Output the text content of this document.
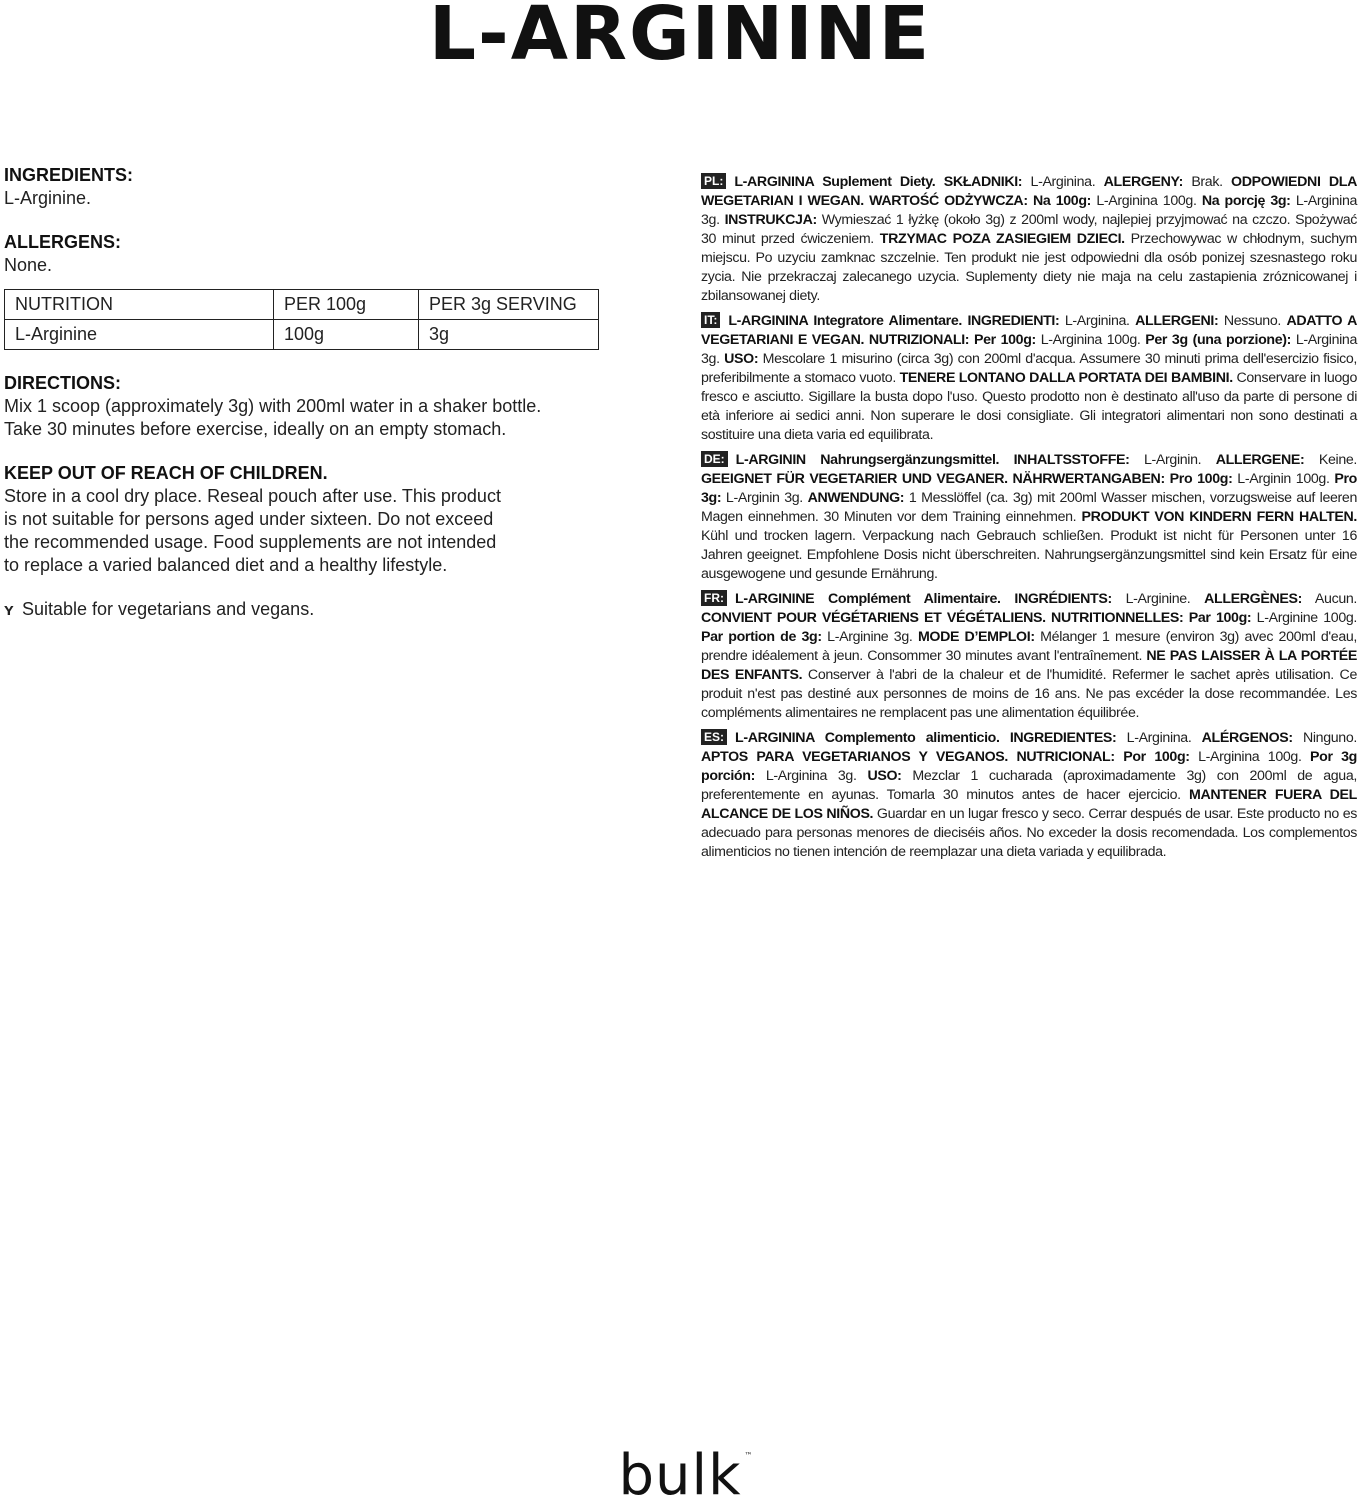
L-ARGININE

INGREDIENTS:

L-Arginine.

ALLERGENS:

None.

NUTRITION	PER 100g	PER 3g SERVING
L-Arginine	100g	3g

DIRECTIONS:

Mix 1 scoop (approximately 3g) with 200ml water in a shaker bottle.

Take 30 minutes before exercise, ideally on an empty stomach.

KEEP OUT OF REACH OF CHILDREN.

Store in a cool dry place. Reseal pouch after use. This product

is not suitable for persons aged under sixteen. Do not exceed

the recommended usage. Food supplements are not intended

to replace a varied balanced diet and a healthy lifestyle.

ʏ Suitable for vegetarians and vegans.

PL: L-ARGININA Suplement Diety. SKŁADNIKI: L-Arginina. ALERGENY: Brak. ODPOWIEDNI DLA WEGETARIAN I WEGAN. WARTOŚĆ ODŻYWCZA: Na 100g: L-Arginina 100g. Na porcję 3g: L-Arginina 3g. INSTRUKCJA: Wymieszać 1 łyżkę (około 3g) z 200ml wody, najlepiej przyjmować na czczo. Spożywać 30 minut przed ćwiczeniem. TRZYMAC POZA ZASIEGIEM DZIECI. Przechowywac w chłodnym, suchym miejscu. Po uzyciu zamknac szczelnie. Ten produkt nie jest odpowiedni dla osób ponizej szesnastego roku zycia. Nie przekraczaj zalecanego uzycia. Suplementy diety nie maja na celu zastapienia zróznicowanej i zbilansowanej diety.

IT: L-ARGININA Integratore Alimentare. INGREDIENTI: L-Arginina. ALLERGENI: Nessuno. ADATTO A VEGETARIANI E VEGAN. NUTRIZIONALI: Per 100g: L-Arginina 100g. Per 3g (una porzione): L-Arginina 3g. USO: Mescolare 1 misurino (circa 3g) con 200ml d'acqua. Assumere 30 minuti prima dell'esercizio fisico, preferibilmente a stomaco vuoto. TENERE LONTANO DALLA PORTATA DEI BAMBINI. Conservare in luogo fresco e asciutto. Sigillare la busta dopo l'uso. Questo prodotto non è destinato all'uso da parte di persone di età inferiore ai sedici anni. Non superare le dosi consigliate. Gli integratori alimentari non sono destinati a sostituire una dieta varia ed equilibrata.

DE: L-ARGININ Nahrungsergänzungsmittel. INHALTSSTOFFE: L-Arginin. ALLERGENE: Keine. GEEIGNET FÜR VEGETARIER UND VEGANER. NÄHRWERTANGABEN: Pro 100g: L-Arginin 100g. Pro 3g: L-Arginin 3g. ANWENDUNG: 1 Messlöffel (ca. 3g) mit 200ml Wasser mischen, vorzugsweise auf leeren Magen einnehmen. 30 Minuten vor dem Training einnehmen. PRODUKT VON KINDERN FERN HALTEN. Kühl und trocken lagern. Verpackung nach Gebrauch schließen. Produkt ist nicht für Personen unter 16 Jahren geeignet. Empfohlene Dosis nicht überschreiten. Nahrungsergänzungsmittel sind kein Ersatz für eine ausgewogene und gesunde Ernährung.

FR: L-ARGININE Complément Alimentaire. INGRÉDIENTS: L-Arginine. ALLERGÈNES: Aucun. CONVIENT POUR VÉGÉTARIENS ET VÉGÉTALIENS. NUTRITIONNELLES: Par 100g: L-Arginine 100g. Par portion de 3g: L-Arginine 3g. MODE D’EMPLOI: Mélanger 1 mesure (environ 3g) avec 200ml d'eau, prendre idéalement à jeun. Consommer 30 minutes avant l'entraînement. NE PAS LAISSER À LA PORTÉE DES ENFANTS. Conserver à l'abri de la chaleur et de l'humidité. Refermer le sachet après utilisation. Ce produit n'est pas destiné aux personnes de moins de 16 ans. Ne pas excéder la dose recommandée. Les compléments alimentaires ne remplacent pas une alimentation équilibrée.

ES: L-ARGININA Complemento alimenticio. INGREDIENTES: L-Arginina. ALÉRGENOS: Ninguno. APTOS PARA VEGETARIANOS Y VEGANOS. NUTRICIONAL: Por 100g: L-Arginina 100g. Por 3g porción: L-Arginina 3g. USO: Mezclar 1 cucharada (aproximadamente 3g) con 200ml de agua, preferentemente en ayunas. Tomarla 30 minutos antes de hacer ejercicio. MANTENER FUERA DEL ALCANCE DE LOS NIÑOS. Guardar en un lugar fresco y seco. Cerrar después de usar. Este producto no es adecuado para personas menores de dieciséis años. No exceder la dosis recomendada. Los complementos alimenticios no tienen intención de reemplazar una dieta variada y equilibrada.

bulk ™
